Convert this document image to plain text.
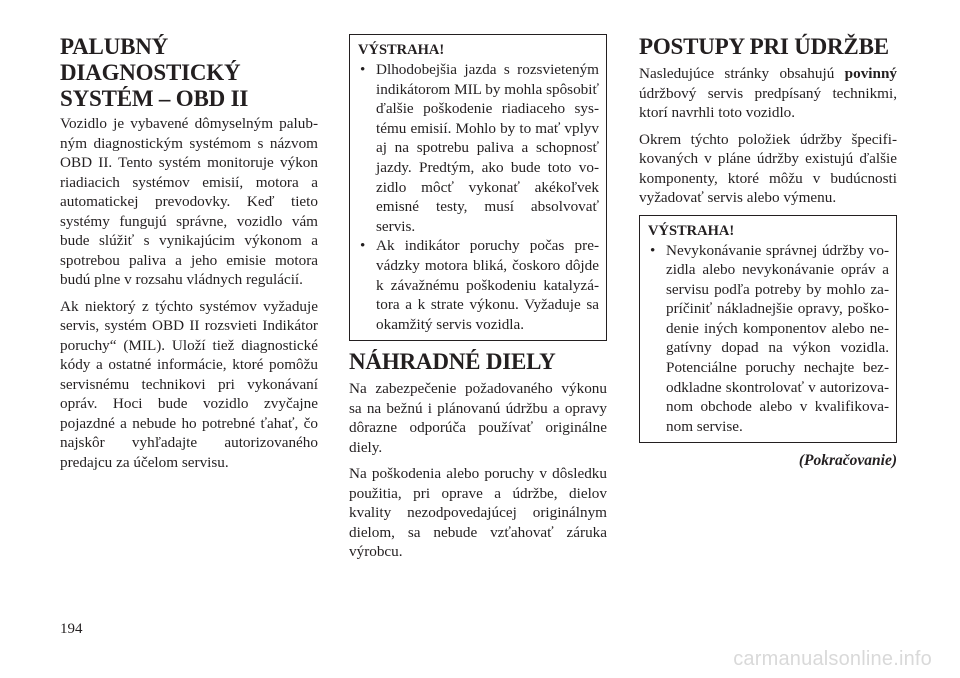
PALUBNÝ
DIAGNOSTICKÝ
SYSTÉM – OBD II

Vozidlo je vybavené dômyselným palubným diagnostickým systémom s názvom OBD II. Tento systém monitoruje výkon riadiacich systémov emisií, motora a automatickej prevodovky. Keď tieto systémy fungujú správne, vozidlo vám bude slúžiť s vynikajúcim výkonom a spotrebou paliva a jeho emisie motora budú plne v rozsahu vládnych regulácií.

Ak niektorý z týchto systémov vyžaduje servis, systém OBD II rozsvieti Indikátor poruchy“ (MIL). Uloží tiež diagnostické kódy a ostatné informácie, ktoré pomôžu servisnému technikovi pri vykonávaní opráv. Hoci bude vozidlo zvyčajne pojazdné a nebude ho potrebné ťahať, čo najskôr vyhľadajte autorizovaného predajcu za účelom servisu.

VÝSTRAHA!
• Dlhodobejšia jazda s rozsvieteným indikátorom MIL by mohla spôsobiť ďalšie poškodenie riadiaceho systému emisií. Mohlo by to mať vplyv aj na spotrebu paliva a schopnosť jazdy. Predtým, ako bude toto vozidlo môcť vykonať akékoľvek emisné testy, musí absolvovať servis.
• Ak indikátor poruchy počas prevádzky motora bliká, čoskoro dôjde k závažnému poškodeniu katalyzátora a k strate výkonu. Vyžaduje sa okamžitý servis vozidla.
NÁHRADNÉ DIELY

Na zabezpečenie požadovaného výkonu sa na bežnú i plánovanú údržbu a opravy dôrazne odporúča používať originálne diely.

Na poškodenia alebo poruchy v dôsledku použitia, pri oprave a údržbe, dielov kvality nezodpovedajúcej originálnym dielom, sa nebude vzťahovať záruka výrobcu.

POSTUPY PRI ÚDRŽBE

Nasledujúce stránky obsahujú povinný údržbový servis predpísaný technikmi, ktorí navrhli toto vozidlo.

Okrem týchto položiek údržby špecifikovaných v pláne údržby existujú ďalšie komponenty, ktoré môžu v budúcnosti vyžadovať servis alebo výmenu.

VÝSTRAHA!
• Nevykonávanie správnej údržby vozidla alebo nevykonávanie opráv a servisu podľa potreby by mohlo zapríčiniť nákladnejšie opravy, poškodenie iných komponentov alebo negatívny dopad na výkon vozidla. Potenciálne poruchy nechajte bezodkladne skontrolovať v autorizovanom obchode alebo v kvalifikovanom servise.
(Pokračovanie)
194
carmanualsonline.info
